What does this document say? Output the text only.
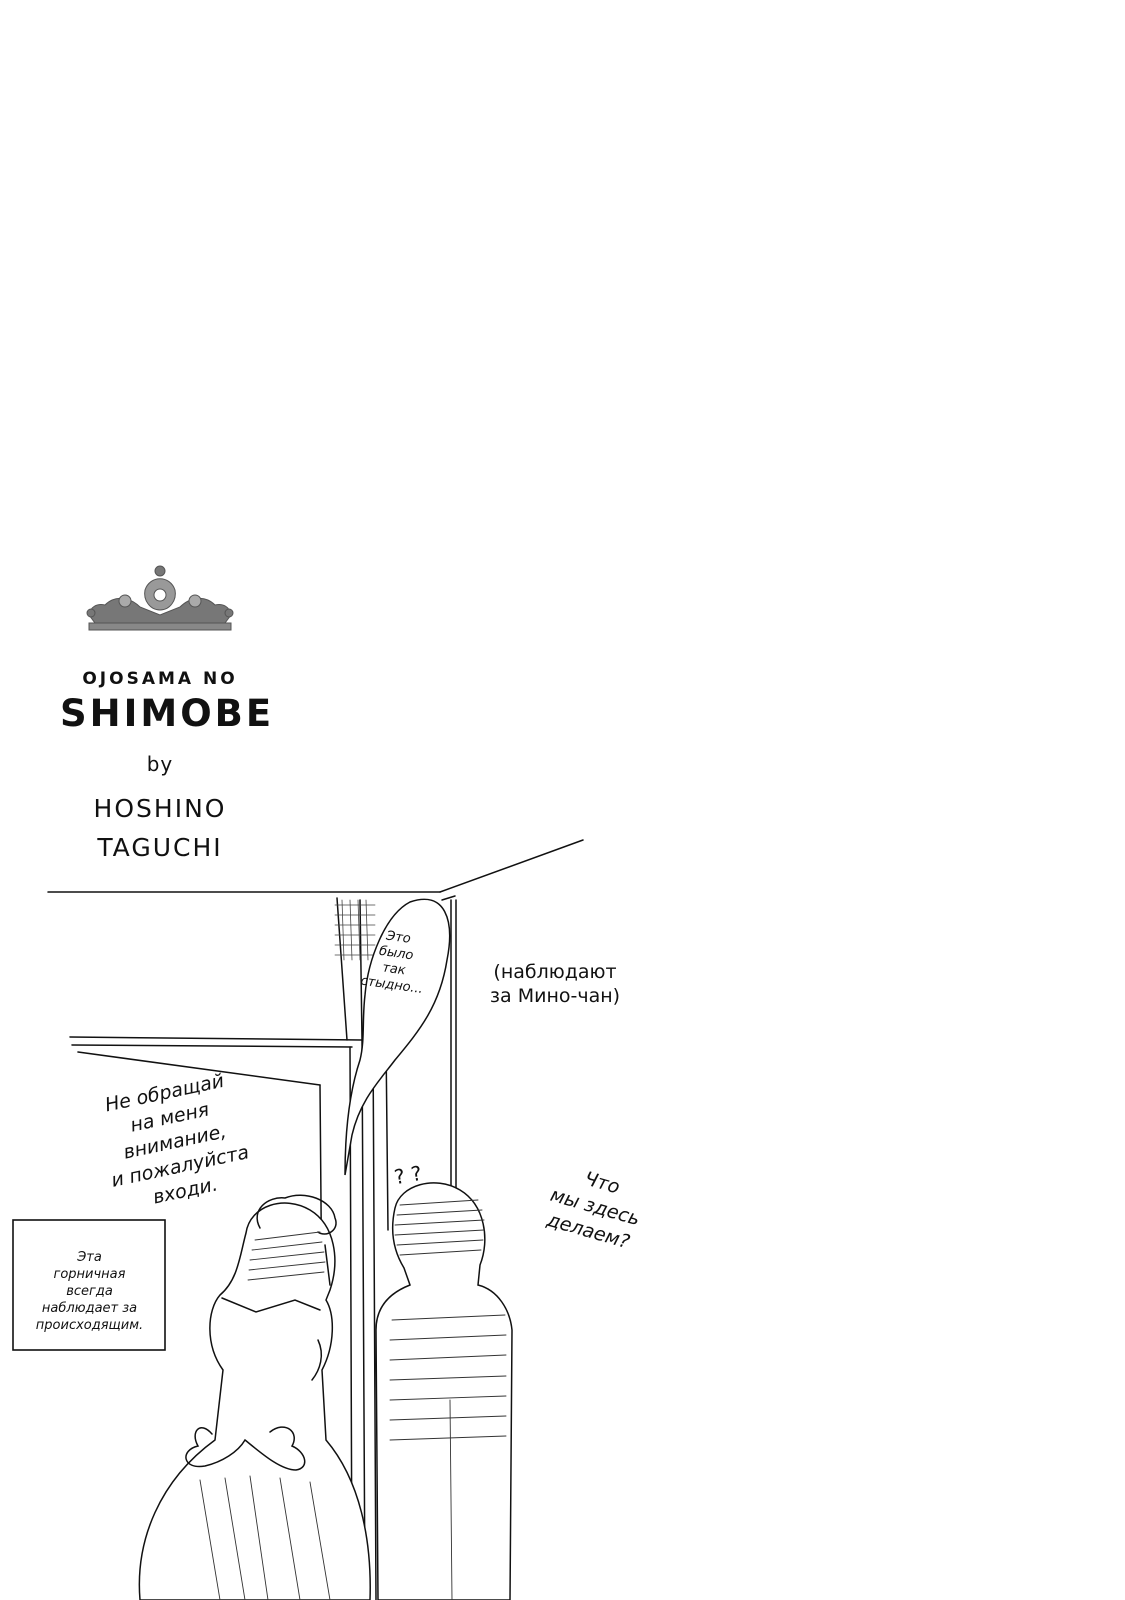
OJOSAMA NO
SHIMOBE
by
HOSHINO
TAGUCHI
Это
было
так
стыдно...
(наблюдают
за Мино-чан)
Не обращай
на меня
внимание,
и пожалуйста
входи.	Что
мы здесь
делаем?
? ?
Эта
горничная
всегда
наблюдает за
происходящим.
